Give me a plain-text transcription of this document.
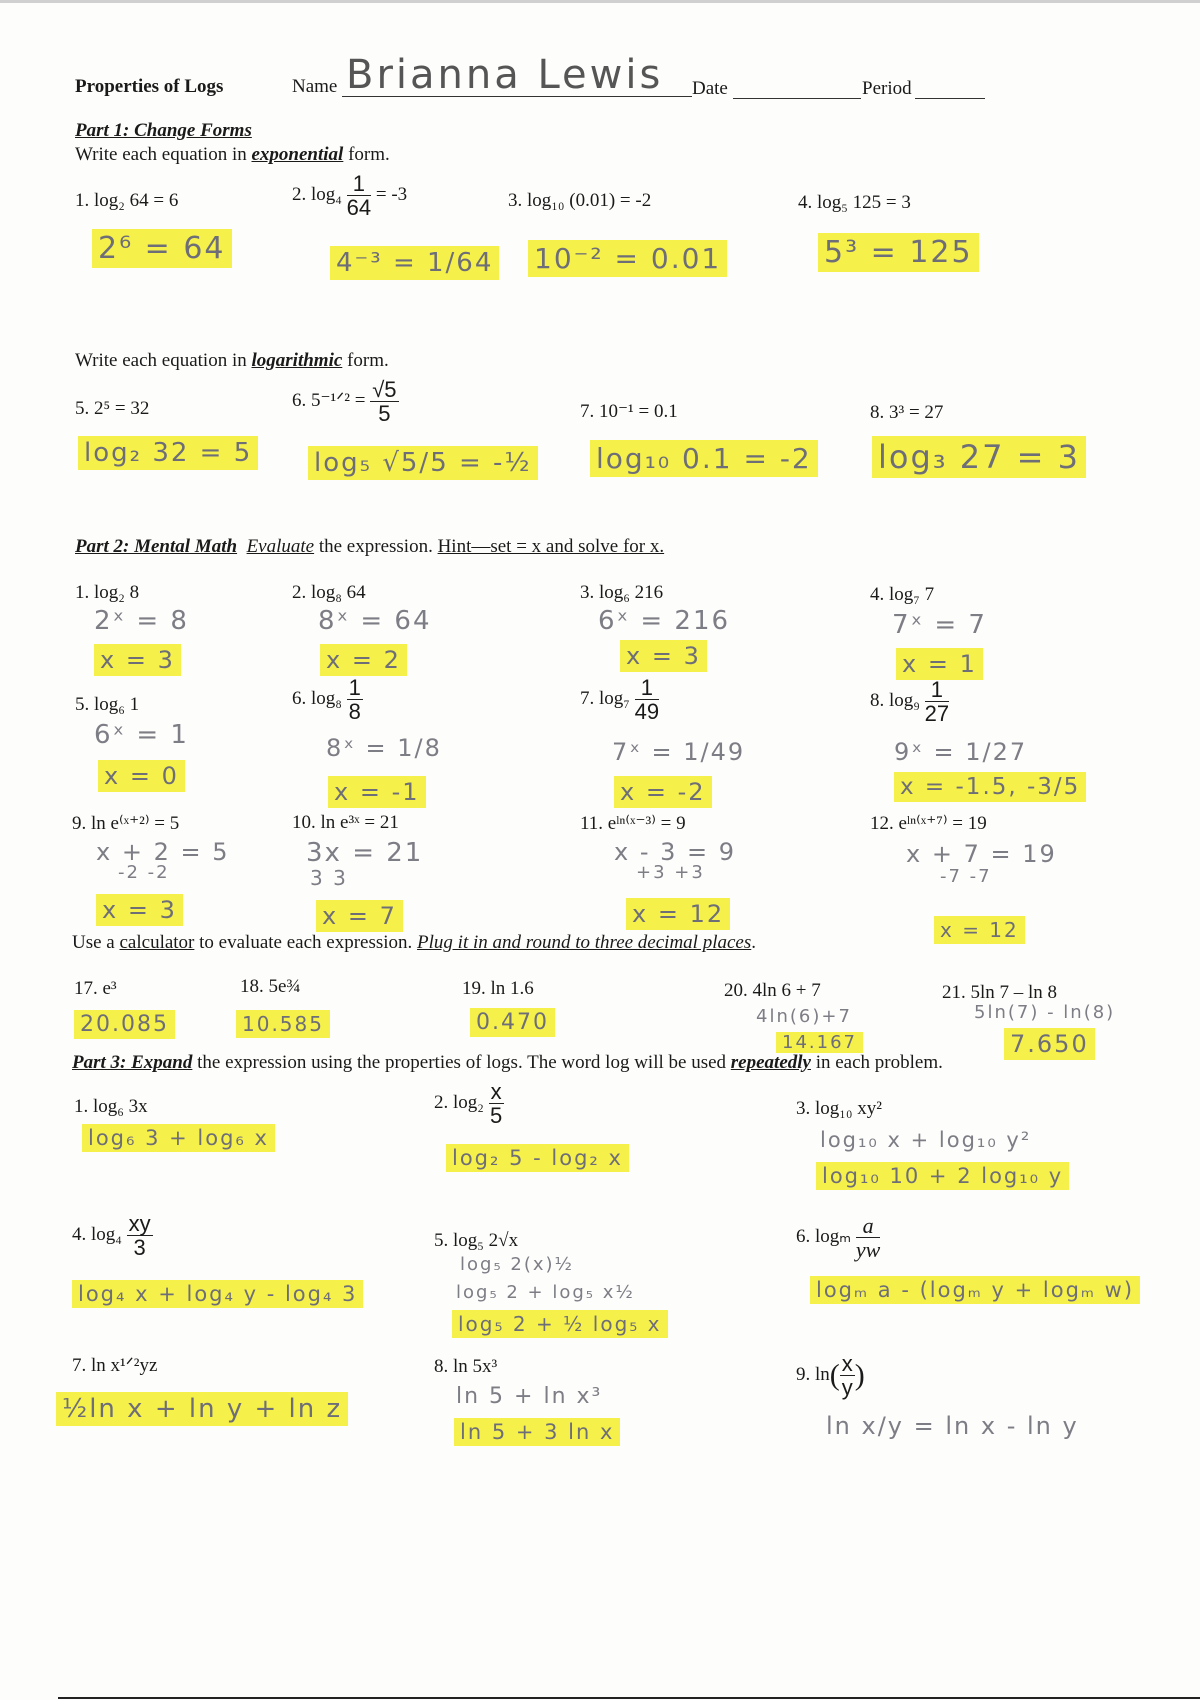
Properties of Logs	Name Brianna Lewis Date	Period
Part 1: Change Forms
Write each equation in exponential form.
1. log₂ 64 = 6
2⁶ = 64
2. $\log_4 \frac{1}{64} = -3$
4⁻³ = 1/64
3. log₁₀ (0.01) = -2
10⁻² = 0.01
4. log₅ 125 = 3
5³ = 125
Write each equation in logarithmic form.
5. 2⁵ = 32
log₂ 32 = 5
6. 5⁻¹ᐟ² = $\frac{√5}{5}$
log₅ √5/5 = -½
7. 10⁻¹ = 0.1
log₁₀ 0.1 = -2
8. 3³ = 27
log₃ 27 = 3
Part 2: Mental Math Evaluate the expression. Hint—set = x and solve for x.
1. log₂ 8
2ˣ = 8
x = 3
2. log₈ 64
8ˣ = 64
x = 2
3. log₆ 216
6ˣ = 216
x = 3
4. log₇ 7
7ˣ = 7
x = 1
5. log₆ 1
6ˣ = 1
x = 0
6. $\log_8 \frac{1}{8}$
8ˣ = 1/8
x = -1
7. $\log_7 \frac{1}{49}$
7ˣ = 1/49
x = -2
8. $\log_9 \frac{1}{27}$
9ˣ = 1/27
x = -1.5, -3/5
9. ln e⁽ˣ⁺²⁾ = 5
x + 2 = 5
-2 -2
x = 3
10. ln e³ˣ = 21
3x = 21
3 3
x = 7
11. eˡⁿ⁽ˣ⁻³⁾ = 9
x - 3 = 9
+3 +3
x = 12
12. eˡⁿ⁽ˣ⁺⁷⁾ = 19
x + 7 = 19
-7 -7
x = 12
Use a calculator to evaluate each expression. Plug it in and round to three decimal places.
17. e³
20.085
18. 5e¾
10.585
19. ln 1.6
0.470
20. 4ln 6 + 7
4ln(6)+7
14.167
21. 5ln 7 – ln 8
5ln(7) - ln(8)
7.650
Part 3: Expand the expression using the properties of logs. The word log will be used repeatedly in each problem.
1. log₆ 3x
log₆ 3 + log₆ x
2. $\log_2 \frac{x}{5}$
log₂ 5 - log₂ x
3. log₁₀ xy²
log₁₀ x + log₁₀ y²
log₁₀ 10 + 2 log₁₀ y
4. $\log_4 \frac{xy}{3}$
log₄ x + log₄ y - log₄ 3
5. log₅ 2√x
log₅ 2(x)½
log₅ 2 + log₅ x½
log₅ 2 + ½ log₅ x
6. logₘ $\frac{a}{yw}$
logₘ a - (logₘ y + logₘ w)
7. ln x¹ᐟ²yz
½ln x + ln y + ln z
8. ln 5x³
ln 5 + ln x³
ln 5 + 3 ln x
9. $\ln( \frac{x}{y}$ )
ln x/y = ln x - ln y
